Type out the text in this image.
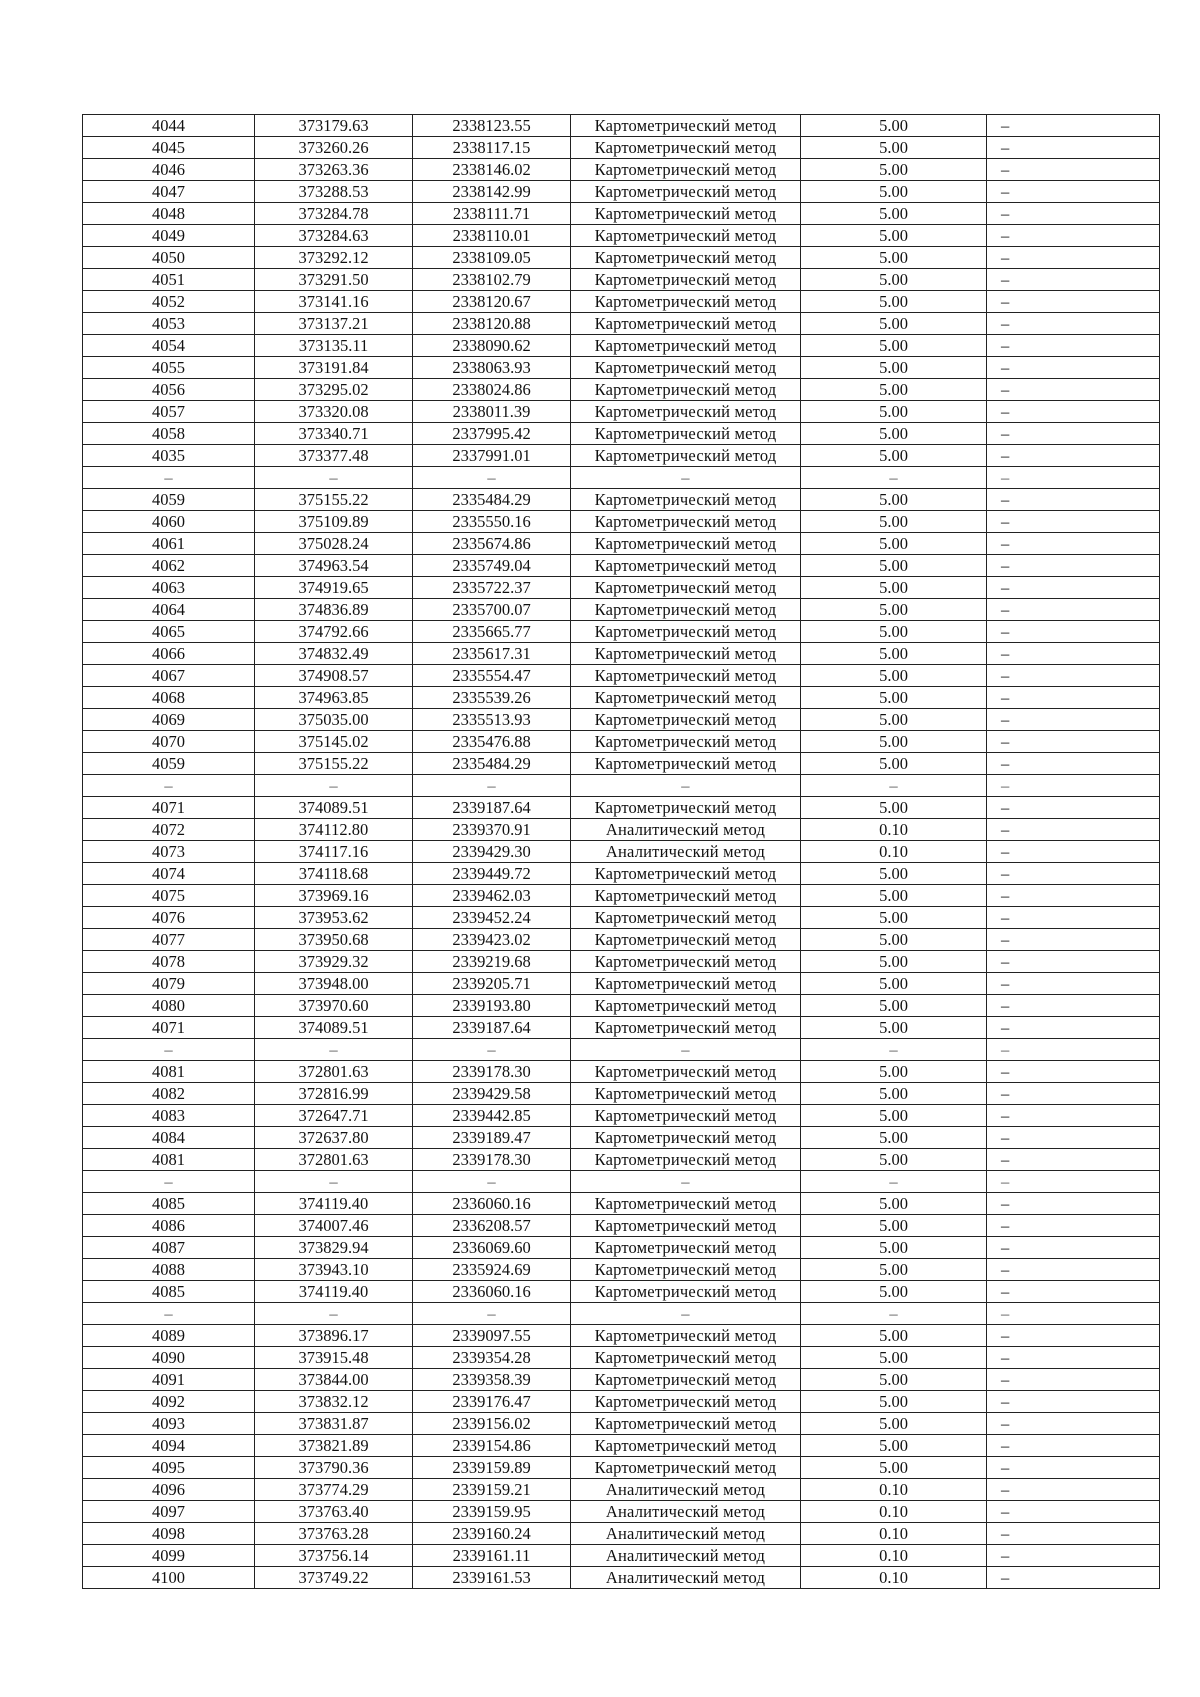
4044	373179.63	2338123.55	Картометрический метод	5.00	–
4045	373260.26	2338117.15	Картометрический метод	5.00	–
4046	373263.36	2338146.02	Картометрический метод	5.00	–
4047	373288.53	2338142.99	Картометрический метод	5.00	–
4048	373284.78	2338111.71	Картометрический метод	5.00	–
4049	373284.63	2338110.01	Картометрический метод	5.00	–
4050	373292.12	2338109.05	Картометрический метод	5.00	–
4051	373291.50	2338102.79	Картометрический метод	5.00	–
4052	373141.16	2338120.67	Картометрический метод	5.00	–
4053	373137.21	2338120.88	Картометрический метод	5.00	–
4054	373135.11	2338090.62	Картометрический метод	5.00	–
4055	373191.84	2338063.93	Картометрический метод	5.00	–
4056	373295.02	2338024.86	Картометрический метод	5.00	–
4057	373320.08	2338011.39	Картометрический метод	5.00	–
4058	373340.71	2337995.42	Картометрический метод	5.00	–
4035	373377.48	2337991.01	Картометрический метод	5.00	–
–	–	–	–	–	–
4059	375155.22	2335484.29	Картометрический метод	5.00	–
4060	375109.89	2335550.16	Картометрический метод	5.00	–
4061	375028.24	2335674.86	Картометрический метод	5.00	–
4062	374963.54	2335749.04	Картометрический метод	5.00	–
4063	374919.65	2335722.37	Картометрический метод	5.00	–
4064	374836.89	2335700.07	Картометрический метод	5.00	–
4065	374792.66	2335665.77	Картометрический метод	5.00	–
4066	374832.49	2335617.31	Картометрический метод	5.00	–
4067	374908.57	2335554.47	Картометрический метод	5.00	–
4068	374963.85	2335539.26	Картометрический метод	5.00	–
4069	375035.00	2335513.93	Картометрический метод	5.00	–
4070	375145.02	2335476.88	Картометрический метод	5.00	–
4059	375155.22	2335484.29	Картометрический метод	5.00	–
–	–	–	–	–	–
4071	374089.51	2339187.64	Картометрический метод	5.00	–
4072	374112.80	2339370.91	Аналитический метод	0.10	–
4073	374117.16	2339429.30	Аналитический метод	0.10	–
4074	374118.68	2339449.72	Картометрический метод	5.00	–
4075	373969.16	2339462.03	Картометрический метод	5.00	–
4076	373953.62	2339452.24	Картометрический метод	5.00	–
4077	373950.68	2339423.02	Картометрический метод	5.00	–
4078	373929.32	2339219.68	Картометрический метод	5.00	–
4079	373948.00	2339205.71	Картометрический метод	5.00	–
4080	373970.60	2339193.80	Картометрический метод	5.00	–
4071	374089.51	2339187.64	Картометрический метод	5.00	–
–	–	–	–	–	–
4081	372801.63	2339178.30	Картометрический метод	5.00	–
4082	372816.99	2339429.58	Картометрический метод	5.00	–
4083	372647.71	2339442.85	Картометрический метод	5.00	–
4084	372637.80	2339189.47	Картометрический метод	5.00	–
4081	372801.63	2339178.30	Картометрический метод	5.00	–
–	–	–	–	–	–
4085	374119.40	2336060.16	Картометрический метод	5.00	–
4086	374007.46	2336208.57	Картометрический метод	5.00	–
4087	373829.94	2336069.60	Картометрический метод	5.00	–
4088	373943.10	2335924.69	Картометрический метод	5.00	–
4085	374119.40	2336060.16	Картометрический метод	5.00	–
–	–	–	–	–	–
4089	373896.17	2339097.55	Картометрический метод	5.00	–
4090	373915.48	2339354.28	Картометрический метод	5.00	–
4091	373844.00	2339358.39	Картометрический метод	5.00	–
4092	373832.12	2339176.47	Картометрический метод	5.00	–
4093	373831.87	2339156.02	Картометрический метод	5.00	–
4094	373821.89	2339154.86	Картометрический метод	5.00	–
4095	373790.36	2339159.89	Картометрический метод	5.00	–
4096	373774.29	2339159.21	Аналитический метод	0.10	–
4097	373763.40	2339159.95	Аналитический метод	0.10	–
4098	373763.28	2339160.24	Аналитический метод	0.10	–
4099	373756.14	2339161.11	Аналитический метод	0.10	–
4100	373749.22	2339161.53	Аналитический метод	0.10	–
